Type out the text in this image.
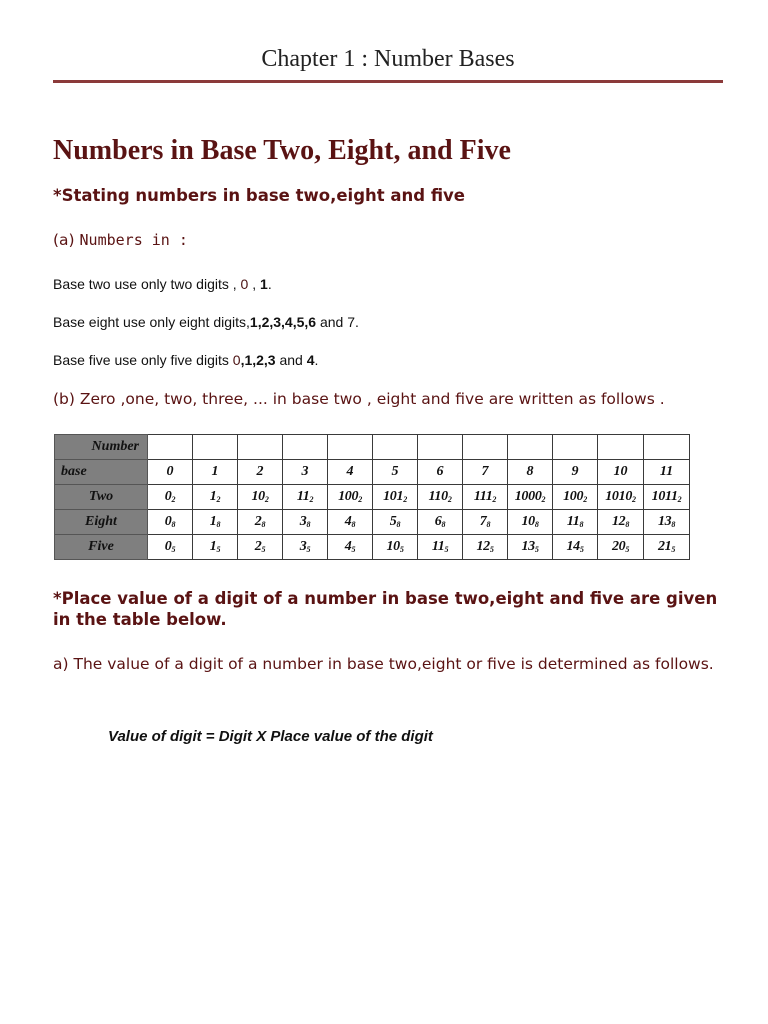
Chapter 1 : Number Bases
Numbers in Base Two, Eight, and Five
*Stating numbers in base two,eight and five
(a) Numbers in :
Base two use only two digits , 0 , 1.
Base eight use only eight digits,1,2,3,4,5,6 and 7.
Base five use only five digits 0,1,2,3 and 4.
(b) Zero ,one, two, three, ... in base two , eight and five are written as follows .
Number												
base	0	1	2	3	4	5	6	7	8	9	10	11
Two	$0_2$	$1_2$	$10_2$	$11_2$	$100_2$	$101_2$	$110_2$	$111_2$	$1000_2$	$100_2$	$1010_2$	$1011_2$
Eight	$0_8$	$1_8$	$2_8$	$3_8$	$4_8$	$5_8$	$6_8$	$7_8$	$10_8$	$11_8$	$12_8$	$13_8$
Five	$0_5$	$1_5$	$2_5$	$3_5$	$4_5$	$10_5$	$11_5$	$12_5$	$13_5$	$14_5$	$20_5$	$21_5$
*Place value of a digit of a number in base two,eight and five are given in the table below.
a) The value of a digit of a number in base two,eight or five is determined as follows.
Value of digit = Digit X Place value of the digit
